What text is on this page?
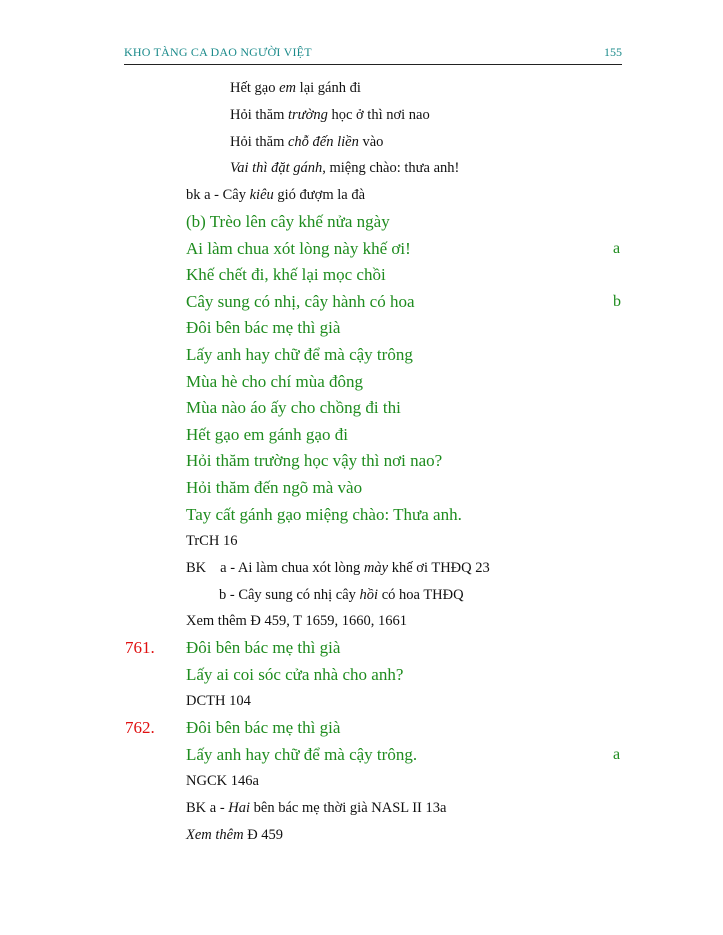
KHO TÀNG CA DAO NGƯỜI VIỆT	155
Hết gạo em lại gánh đi
Hỏi thăm trường học ở thì nơi nao
Hỏi thăm chỗ đến liền vào
Vai thì đặt gánh, miệng chào: thưa anh!
bk a - Cây kiêu gió đượm la đà
(b) Trèo lên cây khế nửa ngày
Ai làm chua xót lòng này khế ơi!	a
Khế chết đi, khế lại mọc chồi
Cây sung có nhị, cây hành có hoa	b
Đôi bên bác mẹ thì già
Lấy anh hay chữ để mà cậy trông
Mùa hè cho chí mùa đông
Mùa nào áo ấy cho chồng đi thi
Hết gạo em gánh gạo đi
Hỏi thăm trường học vậy thì nơi nao?
Hỏi thăm đến ngõ mà vào
Tay cất gánh gạo miệng chào: Thưa anh.
TrCH 16
BK a - Ai làm chua xót lòng mày khế ơi THĐQ 23
b - Cây sung có nhị cây hồi có hoa THĐQ
Xem thêm Đ 459, T 1659, 1660, 1661
761. Đôi bên bác mẹ thì già
Lấy ai coi sóc cửa nhà cho anh?
DCTH 104
762. Đôi bên bác mẹ thì già
Lấy anh hay chữ để mà cậy trông.	a
NGCK 146a
BK a - Hai bên bác mẹ thời già NASL II 13a
Xem thêm Đ 459
